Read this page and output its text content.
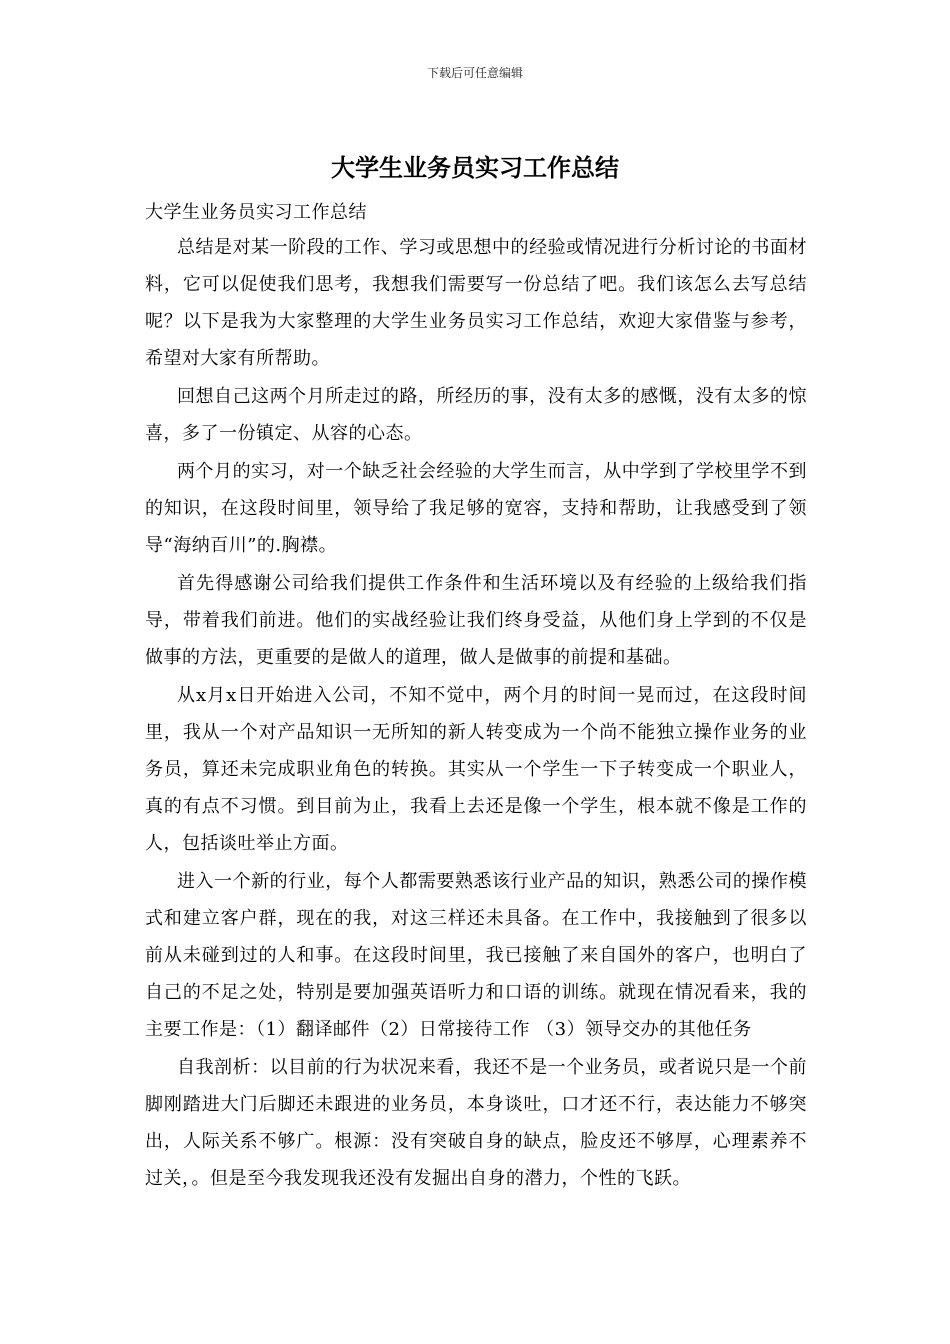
下载后可任意编辑
大学生业务员实习工作总结

大学生业务员实习工作总结

总结是对某一阶段的工作、学习或思想中的经验或情况进行分析讨论的书面材料，它可以促使我们思考，我想我们需要写一份总结了吧。我们该怎么去写总结呢？以下是我为大家整理的大学生业务员实习工作总结，欢迎大家借鉴与参考，希望对大家有所帮助。

回想自己这两个月所走过的路，所经历的事，没有太多的感慨，没有太多的惊喜，多了一份镇定、从容的心态。

两个月的实习，对一个缺乏社会经验的大学生而言，从中学到了学校里学不到的知识，在这段时间里，领导给了我足够的宽容，支持和帮助，让我感受到了领导“海纳百川”的.胸襟。

首先得感谢公司给我们提供工作条件和生活环境以及有经验的上级给我们指导，带着我们前进。他们的实战经验让我们终身受益，从他们身上学到的不仅是做事的方法，更重要的是做人的道理，做人是做事的前提和基础。

从x月x日开始进入公司，不知不觉中，两个月的时间一晃而过，在这段时间里，我从一个对产品知识一无所知的新人转变成为一个尚不能独立操作业务的业务员，算还未完成职业角色的转换。其实从一个学生一下子转变成一个职业人，真的有点不习惯。到目前为止，我看上去还是像一个学生，根本就不像是工作的人，包括谈吐举止方面。

进入一个新的行业，每个人都需要熟悉该行业产品的知识，熟悉公司的操作模式和建立客户群，现在的我，对这三样还未具备。在工作中，我接触到了很多以前从未碰到过的人和事。在这段时间里，我已接触了来自国外的客户，也明白了自己的不足之处，特别是要加强英语听力和口语的训练。就现在情况看来，我的主要工作是：（1）翻译邮件（2）日常接待工作 （3）领导交办的其他任务

自我剖析：以目前的行为状况来看，我还不是一个业务员，或者说只是一个前脚刚踏进大门后脚还未跟进的业务员，本身谈吐，口才还不行，表达能力不够突出，人际关系不够广。根源：没有突破自身的缺点，脸皮还不够厚，心理素养不过关，。但是至今我发现我还没有发掘出自身的潜力，个性的飞跃。
